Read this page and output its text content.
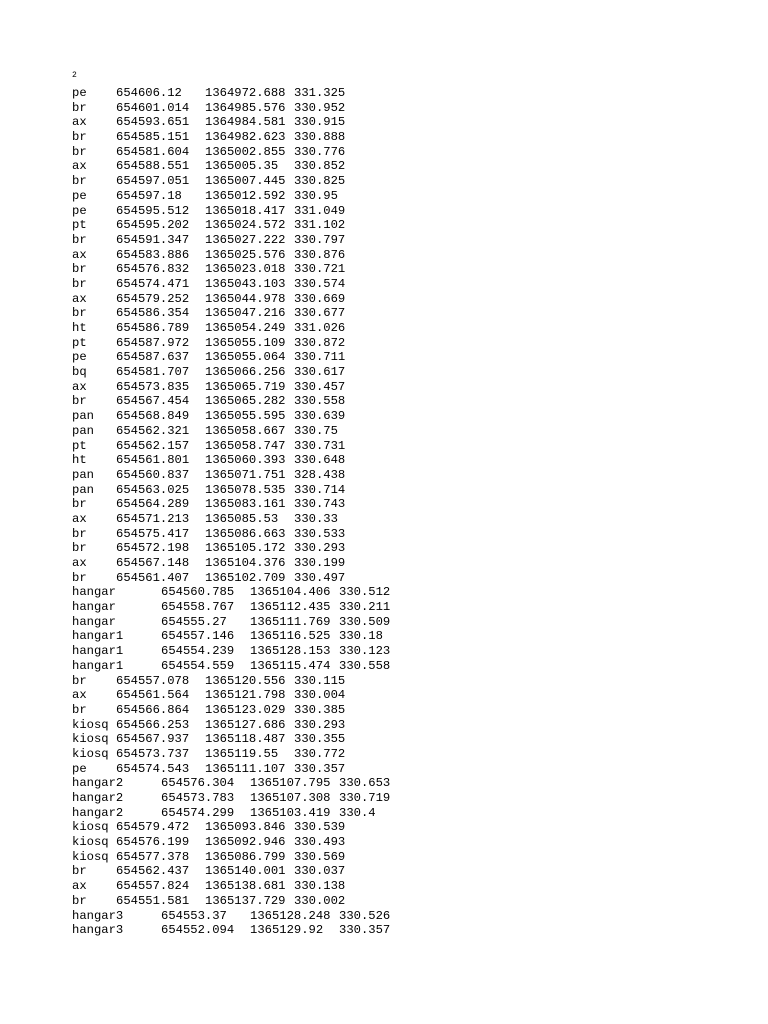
2
pe 654606.12 1364972.688 331.325
br 654601.014 1364985.576 330.952
ax 654593.651 1364984.581 330.915
br 654585.151 1364982.623 330.888
br 654581.604 1365002.855 330.776
ax 654588.551 1365005.35 330.852
br 654597.051 1365007.445 330.825
pe 654597.18 1365012.592 330.95
pe 654595.512 1365018.417 331.049
pt 654595.202 1365024.572 331.102
br 654591.347 1365027.222 330.797
ax 654583.886 1365025.576 330.876
br 654576.832 1365023.018 330.721
br 654574.471 1365043.103 330.574
ax 654579.252 1365044.978 330.669
br 654586.354 1365047.216 330.677
ht 654586.789 1365054.249 331.026
pt 654587.972 1365055.109 330.872
pe 654587.637 1365055.064 330.711
bq 654581.707 1365066.256 330.617
ax 654573.835 1365065.719 330.457
br 654567.454 1365065.282 330.558
pan 654568.849 1365055.595 330.639
pan 654562.321 1365058.667 330.75
pt 654562.157 1365058.747 330.731
ht 654561.801 1365060.393 330.648
pan 654560.837 1365071.751 328.438
pan 654563.025 1365078.535 330.714
br 654564.289 1365083.161 330.743
ax 654571.213 1365085.53 330.33
br 654575.417 1365086.663 330.533
br 654572.198 1365105.172 330.293
ax 654567.148 1365104.376 330.199
br 654561.407 1365102.709 330.497
hangar	654560.785 1365104.406 330.512
hangar	654558.767 1365112.435 330.211
hangar	654555.27 1365111.769 330.509
hangar1	654557.146 1365116.525 330.18
hangar1	654554.239 1365128.153 330.123
hangar1	654554.559 1365115.474 330.558
br 654557.078 1365120.556 330.115
ax 654561.564 1365121.798 330.004
br 654566.864 1365123.029 330.385
kiosq 654566.253 1365127.686 330.293
kiosq 654567.937 1365118.487 330.355
kiosq 654573.737 1365119.55 330.772
pe 654574.543 1365111.107 330.357
hangar2	654576.304 1365107.795 330.653
hangar2	654573.783 1365107.308 330.719
hangar2	654574.299 1365103.419 330.4
kiosq 654579.472 1365093.846 330.539
kiosq 654576.199 1365092.946 330.493
kiosq 654577.378 1365086.799 330.569
br 654562.437 1365140.001 330.037
ax 654557.824 1365138.681 330.138
br 654551.581 1365137.729 330.002
hangar3	654553.37 1365128.248 330.526
hangar3	654552.094 1365129.92 330.357
